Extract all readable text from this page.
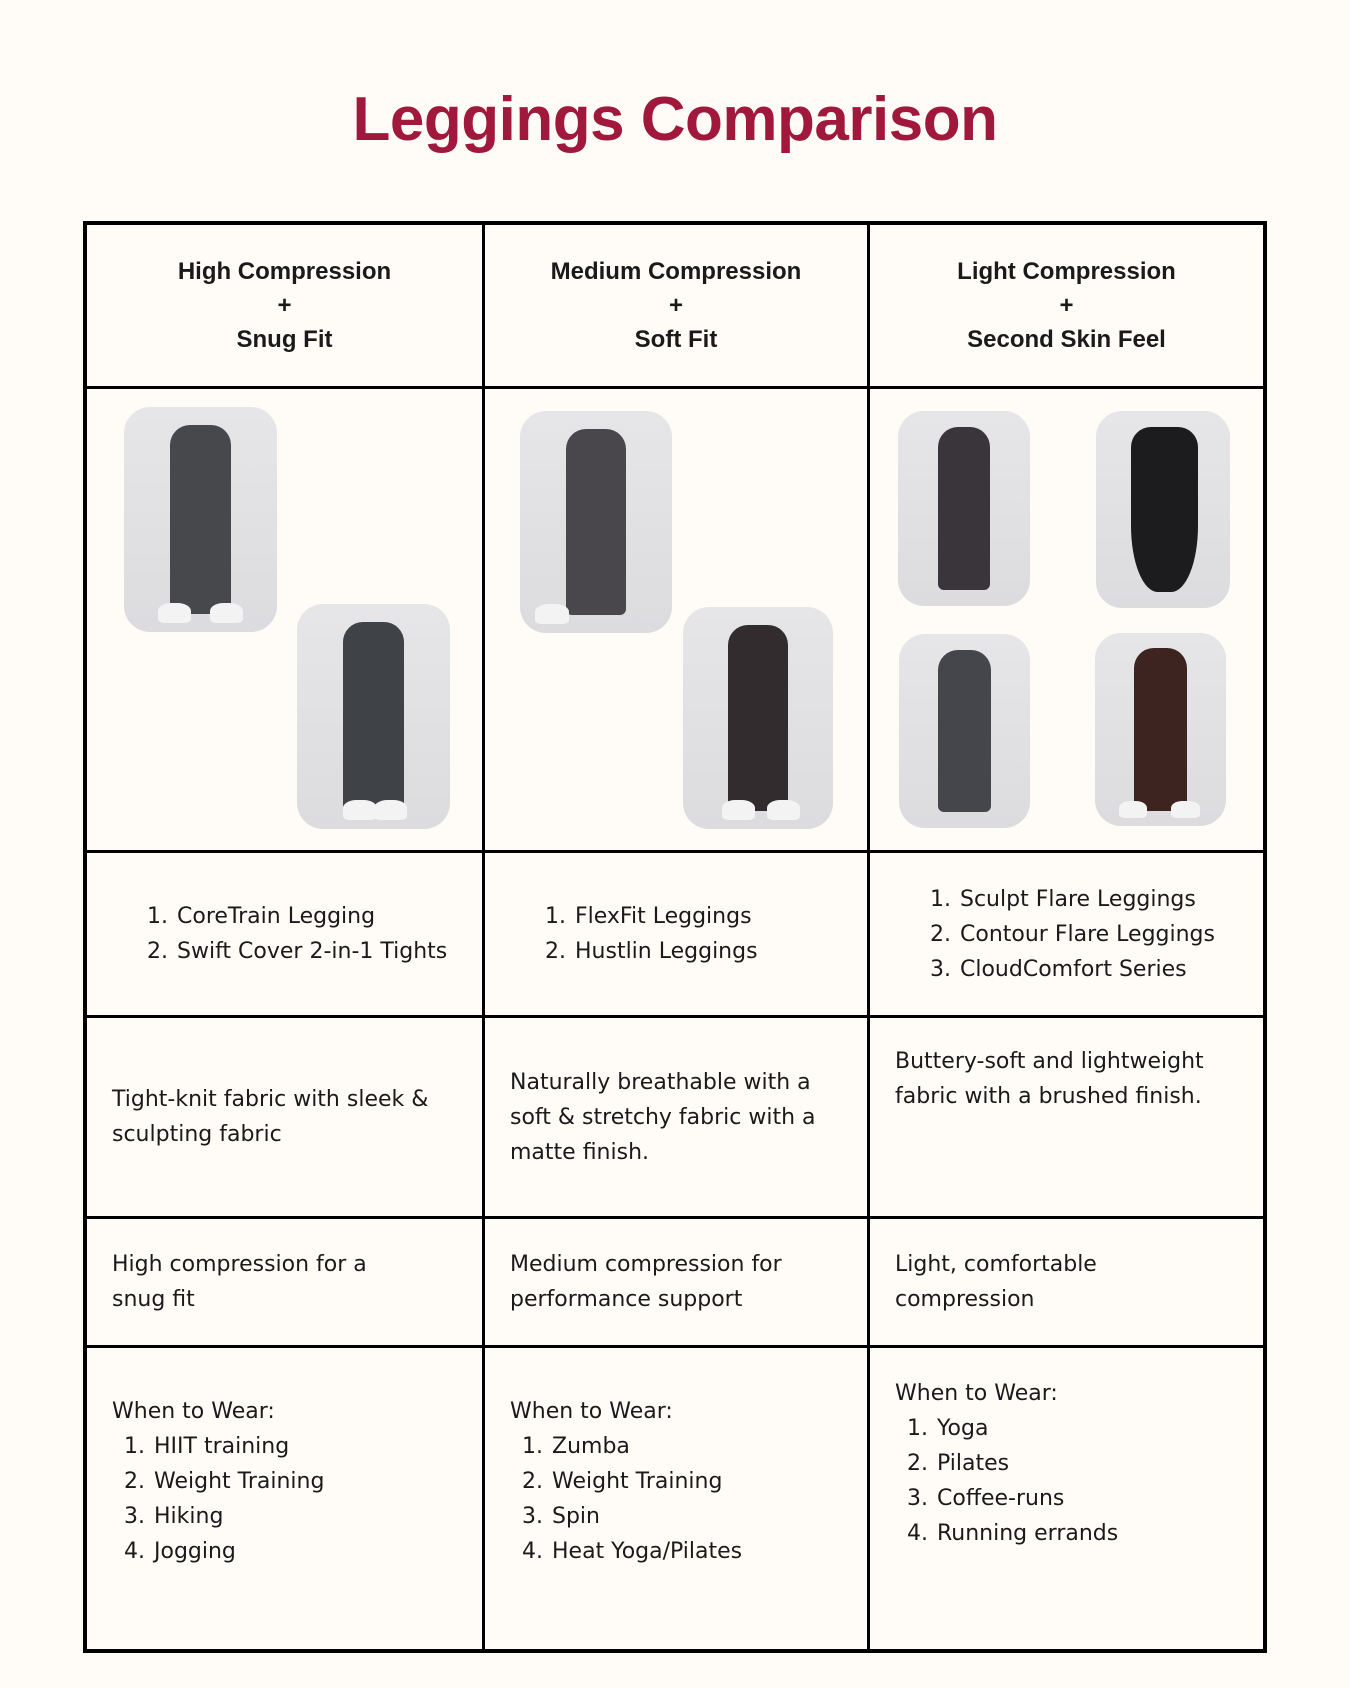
Leggings Comparison
High Compression
+
Snug Fit
Medium Compression
+
Soft Fit
Light Compression
+
Second Skin Feel
1. CoreTrain Legging
2. Swift Cover 2-in-1 Tights
1. FlexFit Leggings
2. Hustlin Leggings
1. Sculpt Flare Leggings
2. Contour Flare Leggings
3. CloudComfort Series
Tight-knit fabric with sleek & sculpting fabric
Naturally breathable with a soft & stretchy fabric with a matte finish.
Buttery-soft and lightweight fabric with a brushed finish.
High compression for a snug fit
Medium compression for performance support
Light, comfortable compression
When to Wear:
1. HIIT training
2. Weight Training
3. Hiking
4. Jogging
When to Wear:
1. Zumba
2. Weight Training
3. Spin
4. Heat Yoga/Pilates
When to Wear:
1. Yoga
2. Pilates
3. Coffee-runs
4. Running errands
